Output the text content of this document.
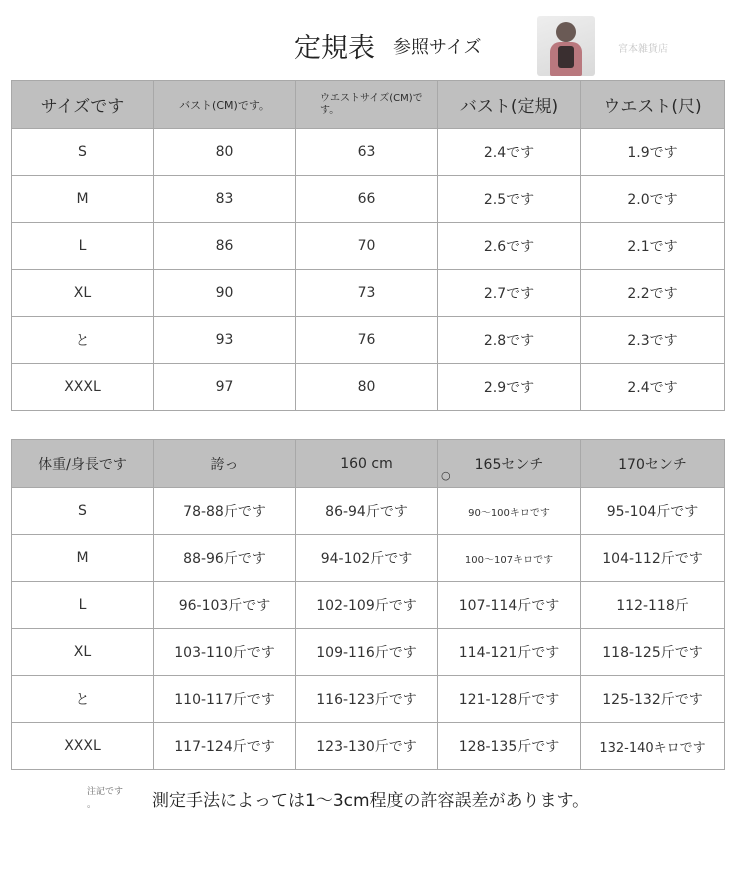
定規表 参照サイズ	宮本雑貨店
サイズです	バスト(CM)です。	ウエストサイズ(CM)です。	バスト(定規)	ウエスト(尺)
S	80	63	2.4です	1.9です
M	83	66	2.5です	2.0です
L	86	70	2.6です	2.1です
XL	90	73	2.7です	2.2です
と	93	76	2.8です	2.3です
XXXL	97	80	2.9です	2.4です
体重/身長です	誇っ	160 cm	165センチ	170センチ
S	78-88斤です	86-94斤です	90～100キロです	95-104斤です
M	88-96斤です	94-102斤です	100～107キロです	104-112斤です
L	96-103斤です	102-109斤です	107-114斤です	112-118斤
XL	103-110斤です	109-116斤です	114-121斤です	118-125斤です
と	110-117斤です	116-123斤です	121-128斤です	125-132斤です
XXXL	117-124斤です	123-130斤です	128-135斤です	132-140キロです
○
注記です
。	測定手法によっては1～3cm程度の許容誤差があります。
